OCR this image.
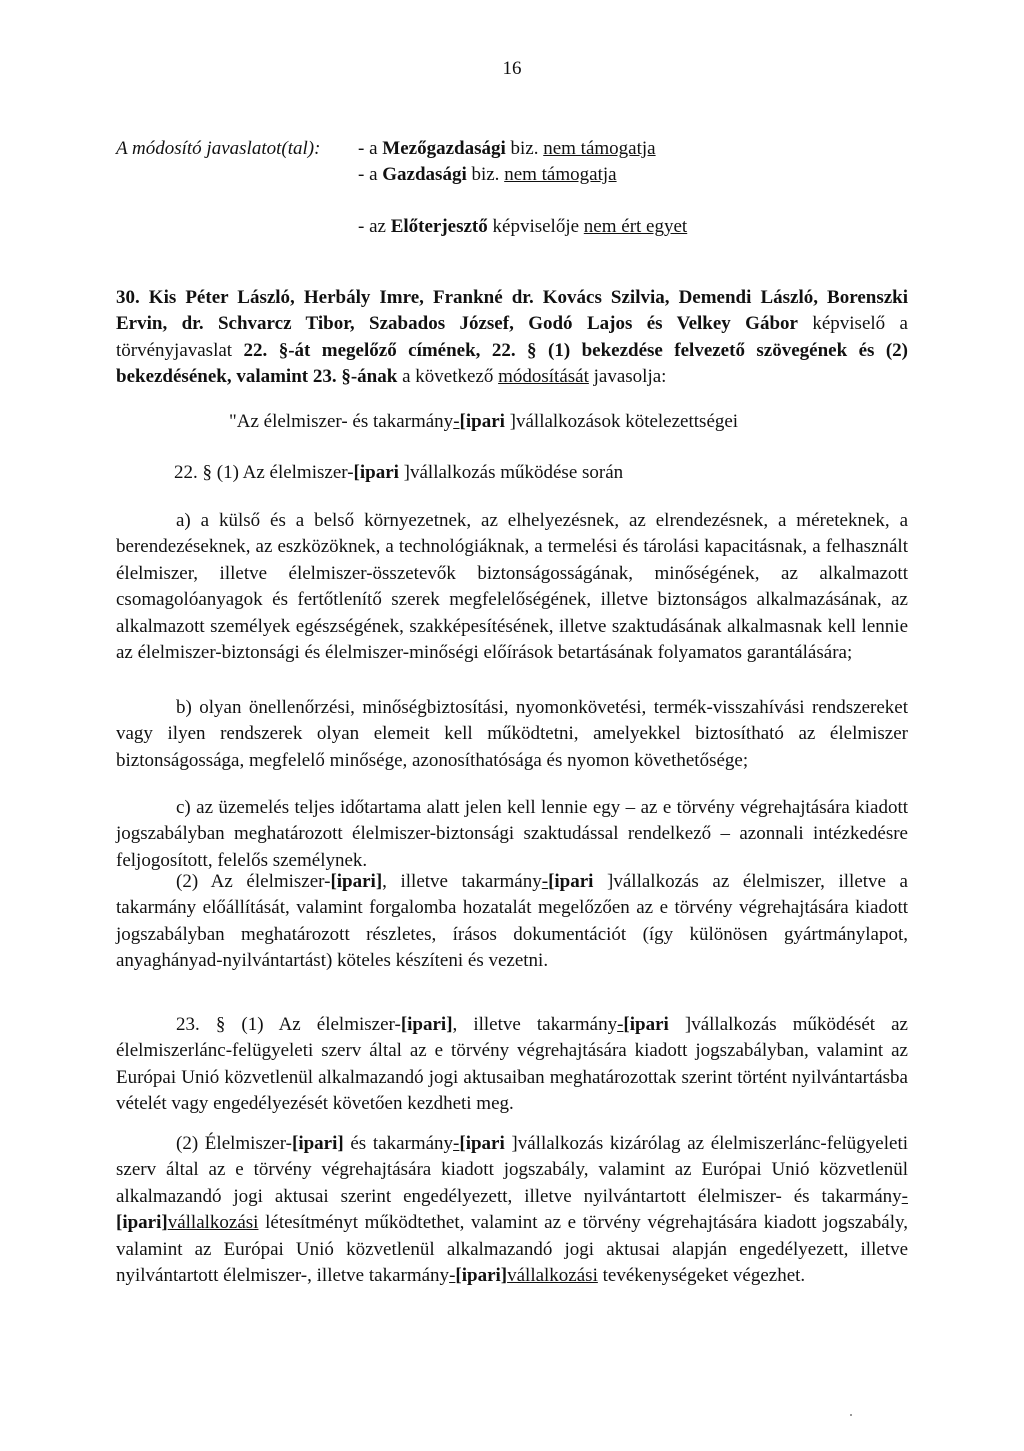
16
A módosító javaslatot(tal): - a Mezőgazdasági biz. nem támogatja
- a Gazdasági biz. nem támogatja
- az Előterjesztő képviselője nem ért egyet
30. Kis Péter László, Herbály Imre, Frankné dr. Kovács Szilvia, Demendi László, Borenszki Ervin, dr. Schvarcz Tibor, Szabados József, Godó Lajos és Velkey Gábor képviselő a törvényjavaslat 22. §-át megelőző címének, 22. § (1) bekezdése felvezető szövegének és (2) bekezdésének, valamint 23. §-ának a következő módosítását javasolja:
"Az élelmiszer- és takarmány-[ipari ]vállalkozások kötelezettségei
22. § (1) Az élelmiszer-[ipari ]vállalkozás működése során
a) a külső és a belső környezetnek, az elhelyezésnek, az elrendezésnek, a méreteknek, a berendezéseknek, az eszközöknek, a technológiáknak, a termelési és tárolási kapacitásnak, a felhasznált élelmiszer, illetve élelmiszer-összetevők biztonságosságának, minőségének, az alkalmazott csomagolóanyagok és fertőtlenítő szerek megfelelőségének, illetve biztonságos alkalmazásának, az alkalmazott személyek egészségének, szakképesítésének, illetve szaktudásának alkalmasnak kell lennie az élelmiszer-biztonsági és élelmiszer-minőségi előírások betartásának folyamatos garantálására;
b) olyan önellenőrzési, minőségbiztosítási, nyomonkövetési, termék-visszahívási rendszereket vagy ilyen rendszerek olyan elemeit kell működtetni, amelyekkel biztosítható az élelmiszer biztonságossága, megfelelő minősége, azonosíthatósága és nyomon követhetősége;
c) az üzemelés teljes időtartama alatt jelen kell lennie egy – az e törvény végrehajtására kiadott jogszabályban meghatározott élelmiszer-biztonsági szaktudással rendelkező – azonnali intézkedésre feljogosított, felelős személynek.
(2) Az élelmiszer-[ipari], illetve takarmány-[ipari ]vállalkozás az élelmiszer, illetve a takarmány előállítását, valamint forgalomba hozatalát megelőzően az e törvény végrehajtására kiadott jogszabályban meghatározott részletes, írásos dokumentációt (így különösen gyártmánylapot, anyaghányad-nyilvántartást) köteles készíteni és vezetni.
23. § (1) Az élelmiszer-[ipari], illetve takarmány-[ipari ]vállalkozás működését az élelmiszerlánc-felügyeleti szerv által az e törvény végrehajtására kiadott jogszabályban, valamint az Európai Unió közvetlenül alkalmazandó jogi aktusaiban meghatározottak szerint történt nyilvántartásba vételét vagy engedélyezését követően kezdheti meg.
(2) Élelmiszer-[ipari] és takarmány-[ipari ]vállalkozás kizárólag az élelmiszerlánc-felügyeleti szerv által az e törvény végrehajtására kiadott jogszabály, valamint az Európai Unió közvetlenül alkalmazandó jogi aktusai szerint engedélyezett, illetve nyilvántartott élelmiszer- és takarmány-[ipari]vállalkozási létesítményt működtethet, valamint az e törvény végrehajtására kiadott jogszabály, valamint az Európai Unió közvetlenül alkalmazandó jogi aktusai alapján engedélyezett, illetve nyilvántartott élelmiszer-, illetve takarmány-[ipari]vállalkozási tevékenységeket végezhet.
